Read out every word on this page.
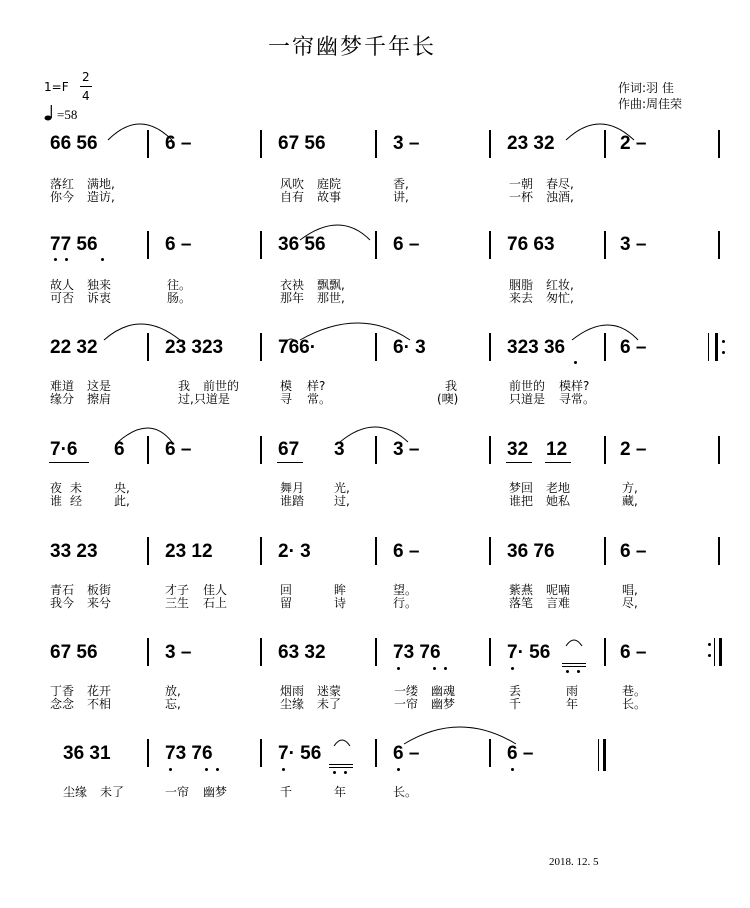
一帘幽梦千年长
1=F
2
4
=58
作词:羽 佳
作曲:周佳荣
66 56	6 –	67 56	3 –	23 32	2 –
落红 满地,	风吹 庭院	香,	一朝 春尽,
你今 造访,	自有 故事	讲,	一杯 浊酒,
77 56	6 –	36 56	6 –	76 63	3 –
故人 独来	往。	衣袂 飘飘,	胭脂 红妆,
可否 诉衷	肠。	那年 那世,	来去 匆忙,
22 32	23 323	766·	6· 3	323 36	6 –
难道 这是	我 前世的	模 样?	我	前世的 模样?
缘分 擦肩	过,只道是	寻 常。	(噢)	只道是 寻常。
7·6 6 6 –	67 3	3 –	32 12	2 –
夜 未	央,	舞月 光,	梦回 老地	方,
谁 经	此,	谁踏 过,	谁把 她私	藏,
33 23	23 12	2· 3	6 –	36 76	6 –
青石 板街	才子 佳人	回	眸	望。	紫燕 呢喃	唱,
我今 来兮	三生 石上	留	诗	行。	落笔 言难	尽,
67 56	3 –	63 32	73 76	7· 56	6 –
丁香 花开	放,	烟雨 迷蒙	一缕 幽魂	丢	雨	巷。
念念 不相	忘,	尘缘 未了	一帘 幽梦	千	年	长。
36 31	73 76	7· 56	6 –	6 –
尘缘 未了	一帘 幽梦	千	年	长。
2018. 12. 5
